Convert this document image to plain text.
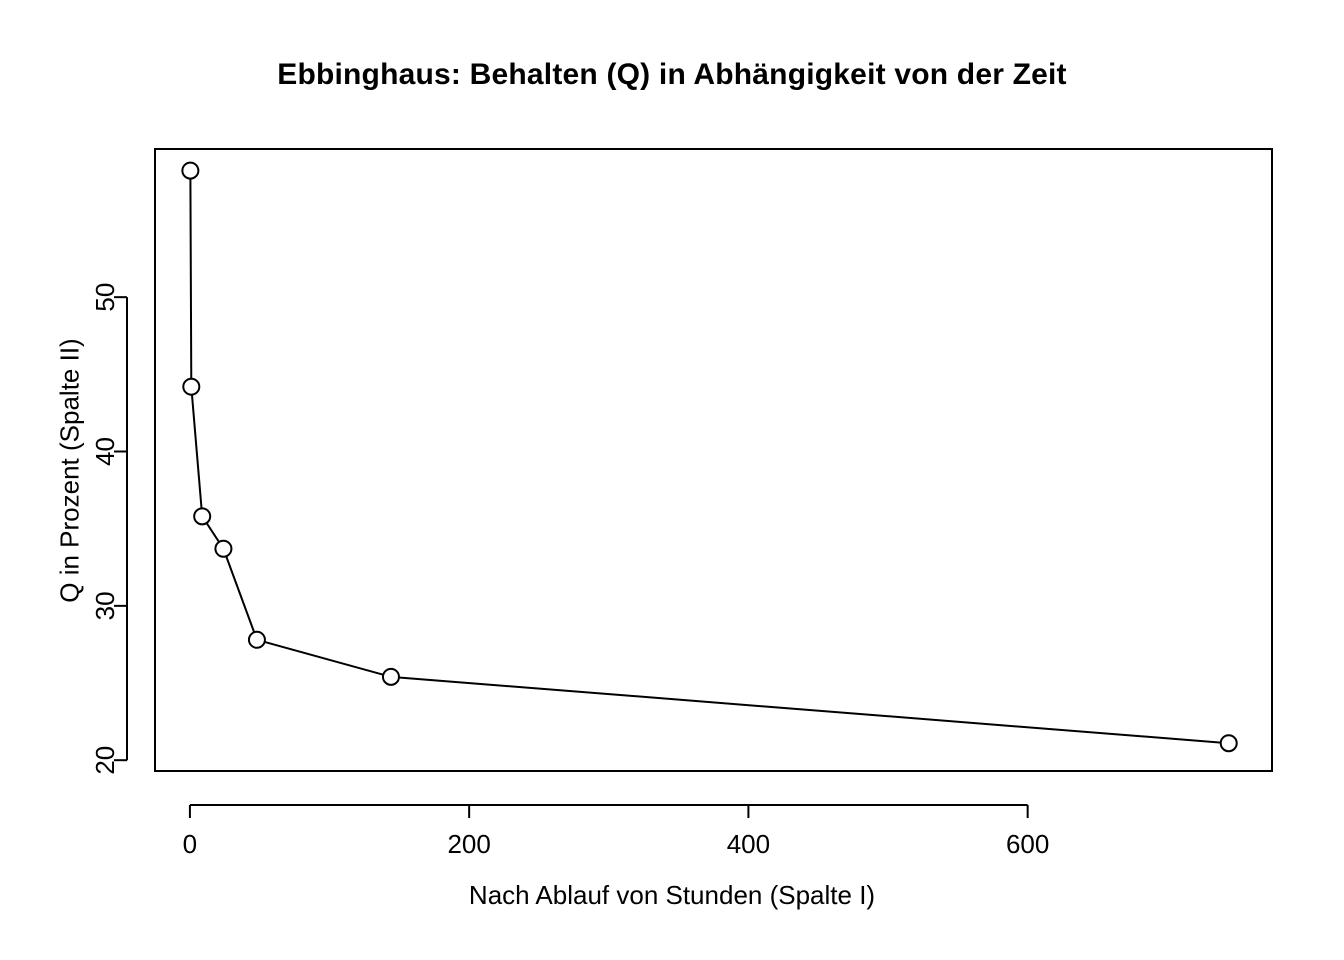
Ebbinghaus: Behalten (Q) in Abhängigkeit von der Zeit
0	200	400	600
20
30
40
50
Q in Prozent (Spalte II)
Nach Ablauf von Stunden (Spalte I)
